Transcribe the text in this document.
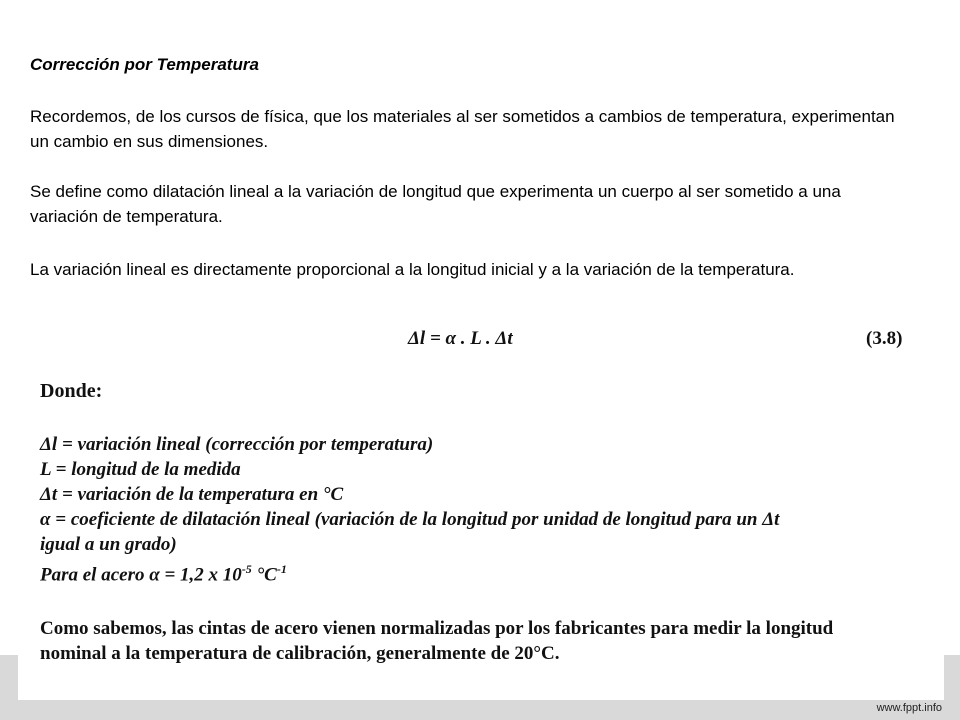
Corrección por Temperatura

Recordemos, de los cursos de física, que los materiales al ser sometidos a cambios de temperatura, experimentan un cambio en sus dimensiones.

Se define como dilatación lineal a la variación de longitud que experimenta un cuerpo al ser sometido a una variación de temperatura.

La variación lineal es directamente proporcional a la longitud inicial y a la variación de la temperatura.

Δl = α . L . Δt	(3.8)
Donde:
Δl = variación lineal (corrección por temperatura)
L = longitud de la medida
Δt = variación de la temperatura en °C
α = coeficiente de dilatación lineal (variación de la longitud por unidad de longitud para un Δt
igual a un grado)
Para el acero α = 1,2 x $10^{-5}$ $^\circ C^{-1}$
Como sabemos, las cintas de acero vienen normalizadas por los fabricantes para medir la longitud
nominal a la temperatura de calibración, generalmente de 20°C.
www.fppt.info
